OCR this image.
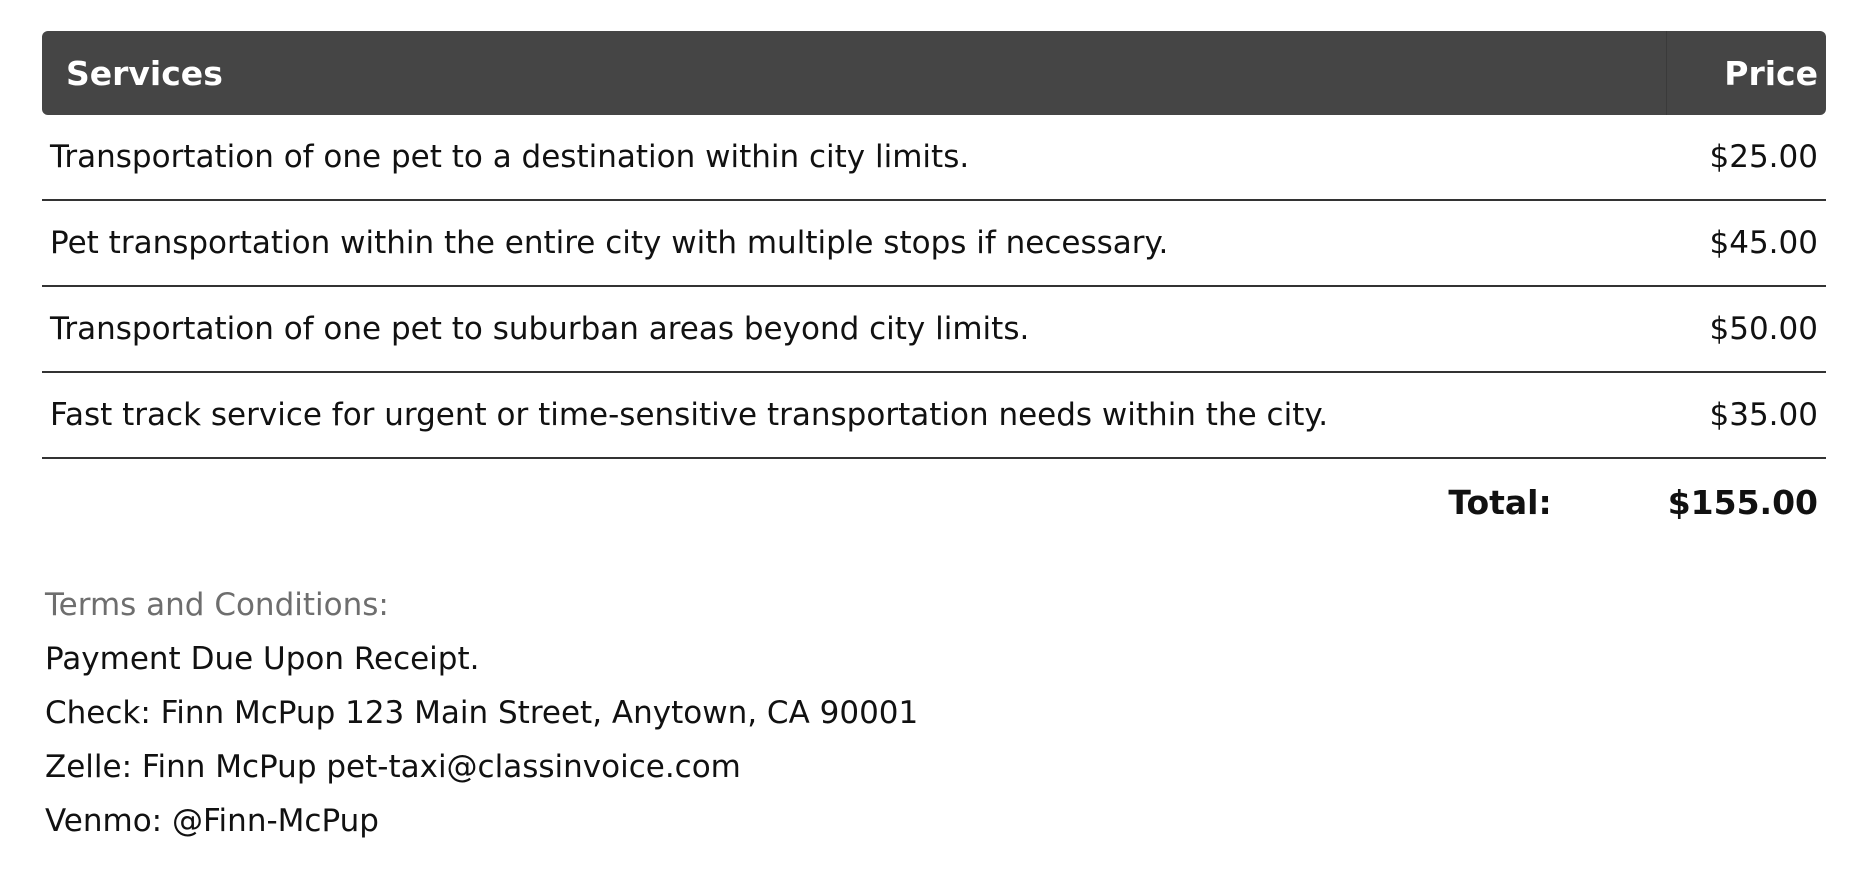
Services	Price
Transportation of one pet to a destination within city limits.	$25.00
Pet transportation within the entire city with multiple stops if necessary.	$45.00
Transportation of one pet to suburban areas beyond city limits.	$50.00
Fast track service for urgent or time-sensitive transportation needs within the city.	$35.00
Total:	$155.00
Terms and Conditions:
Payment Due Upon Receipt.
Check: Finn McPup 123 Main Street, Anytown, CA 90001
Zelle: Finn McPup pet-taxi@classinvoice.com
Venmo: @Finn-McPup
